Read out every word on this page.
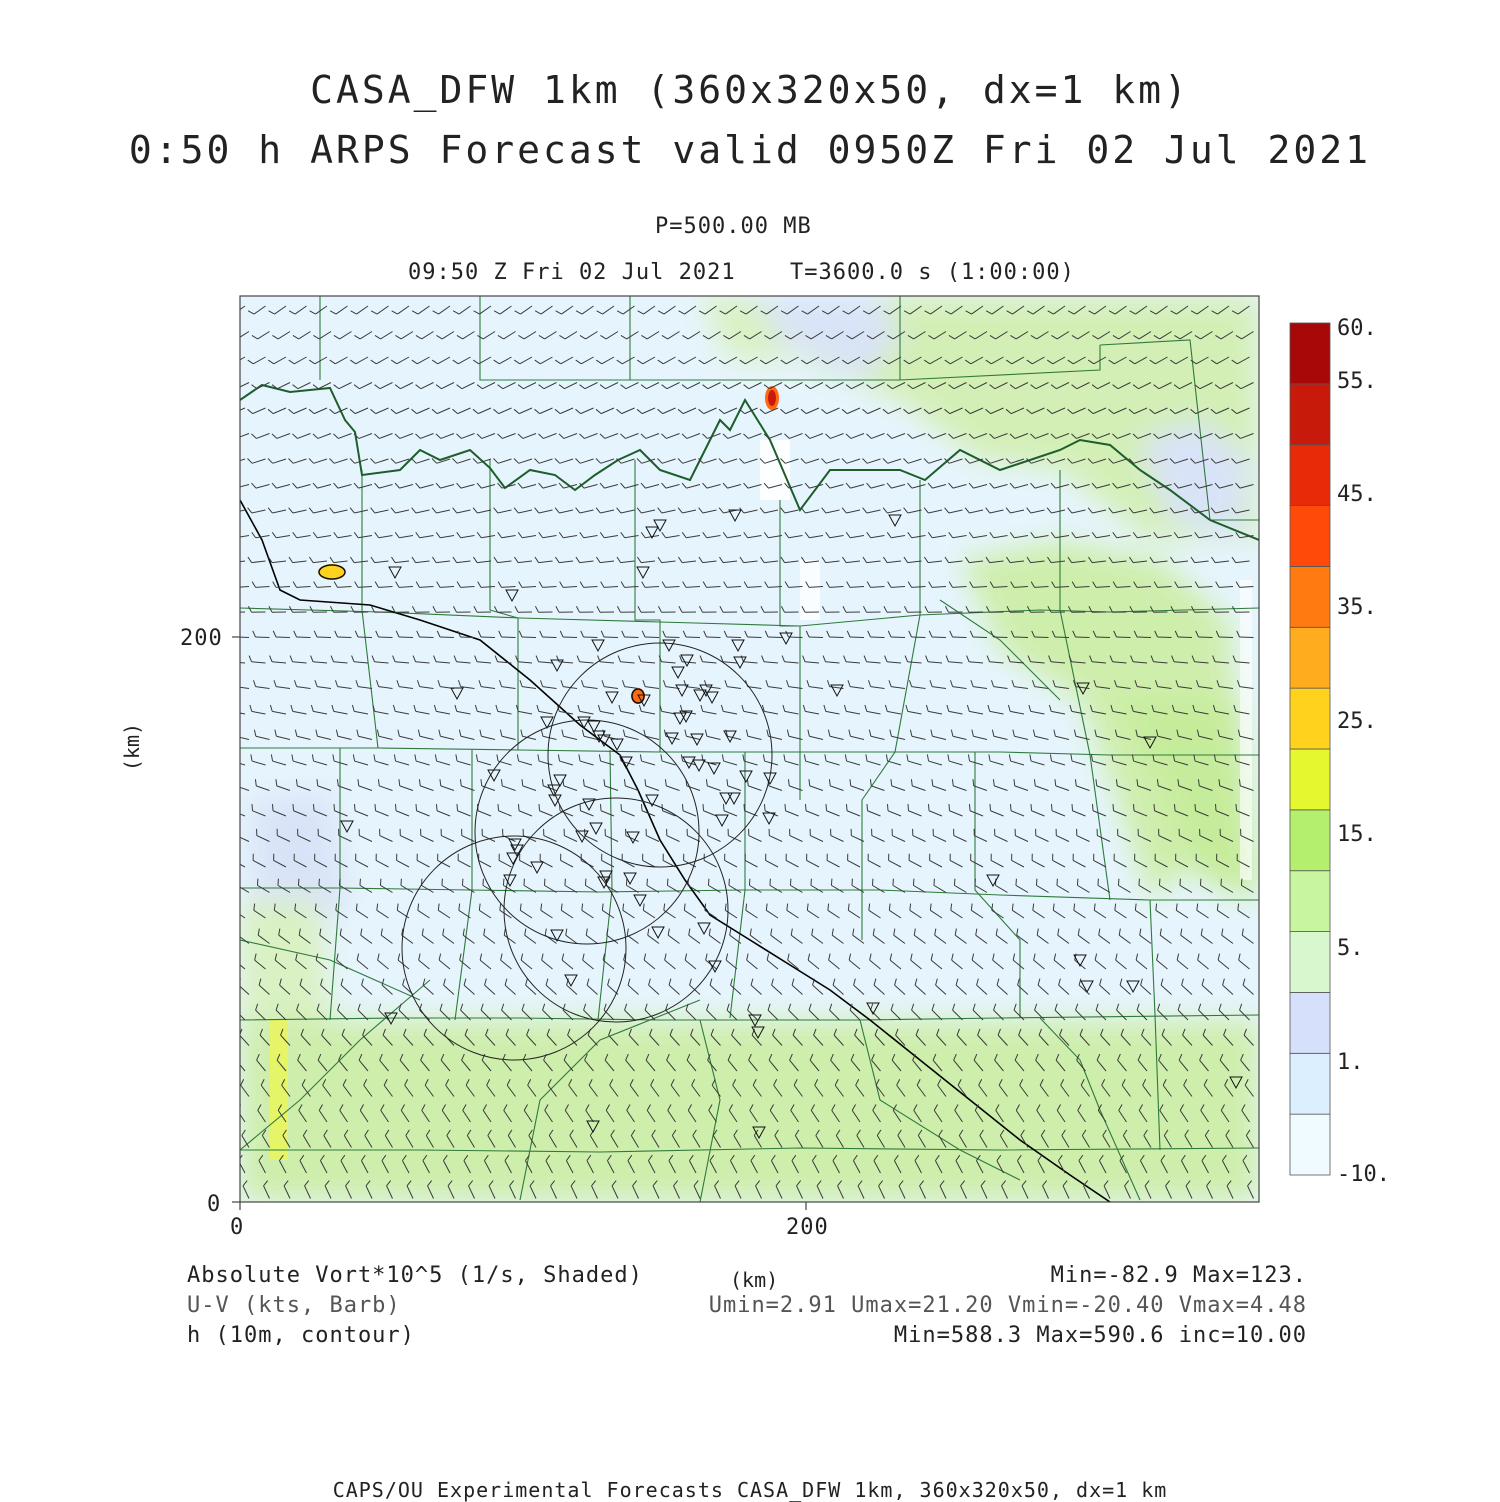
CASA_DFW 1km (360x320x50, dx=1 km)
0:50 h ARPS Forecast valid 0950Z Fri 02 Jul 2021
P=500.00 MB
09:50 Z Fri 02 Jul 2021 T=3600.0 s (1:00:00)
0	200
0
200
(km)
60.
55.
45.
35.
25.
15.
5.
1.
-10.
Absolute Vort*10^5 (1/s, Shaded)
U-V (kts, Barb)
h (10m, contour)
(km)	Min=-82.9 Max=123.
Umin=2.91 Umax=21.20 Vmin=-20.40 Vmax=4.48
Min=588.3 Max=590.6 inc=10.00
CAPS/OU Experimental Forecasts CASA_DFW 1km, 360x320x50, dx=1 km
